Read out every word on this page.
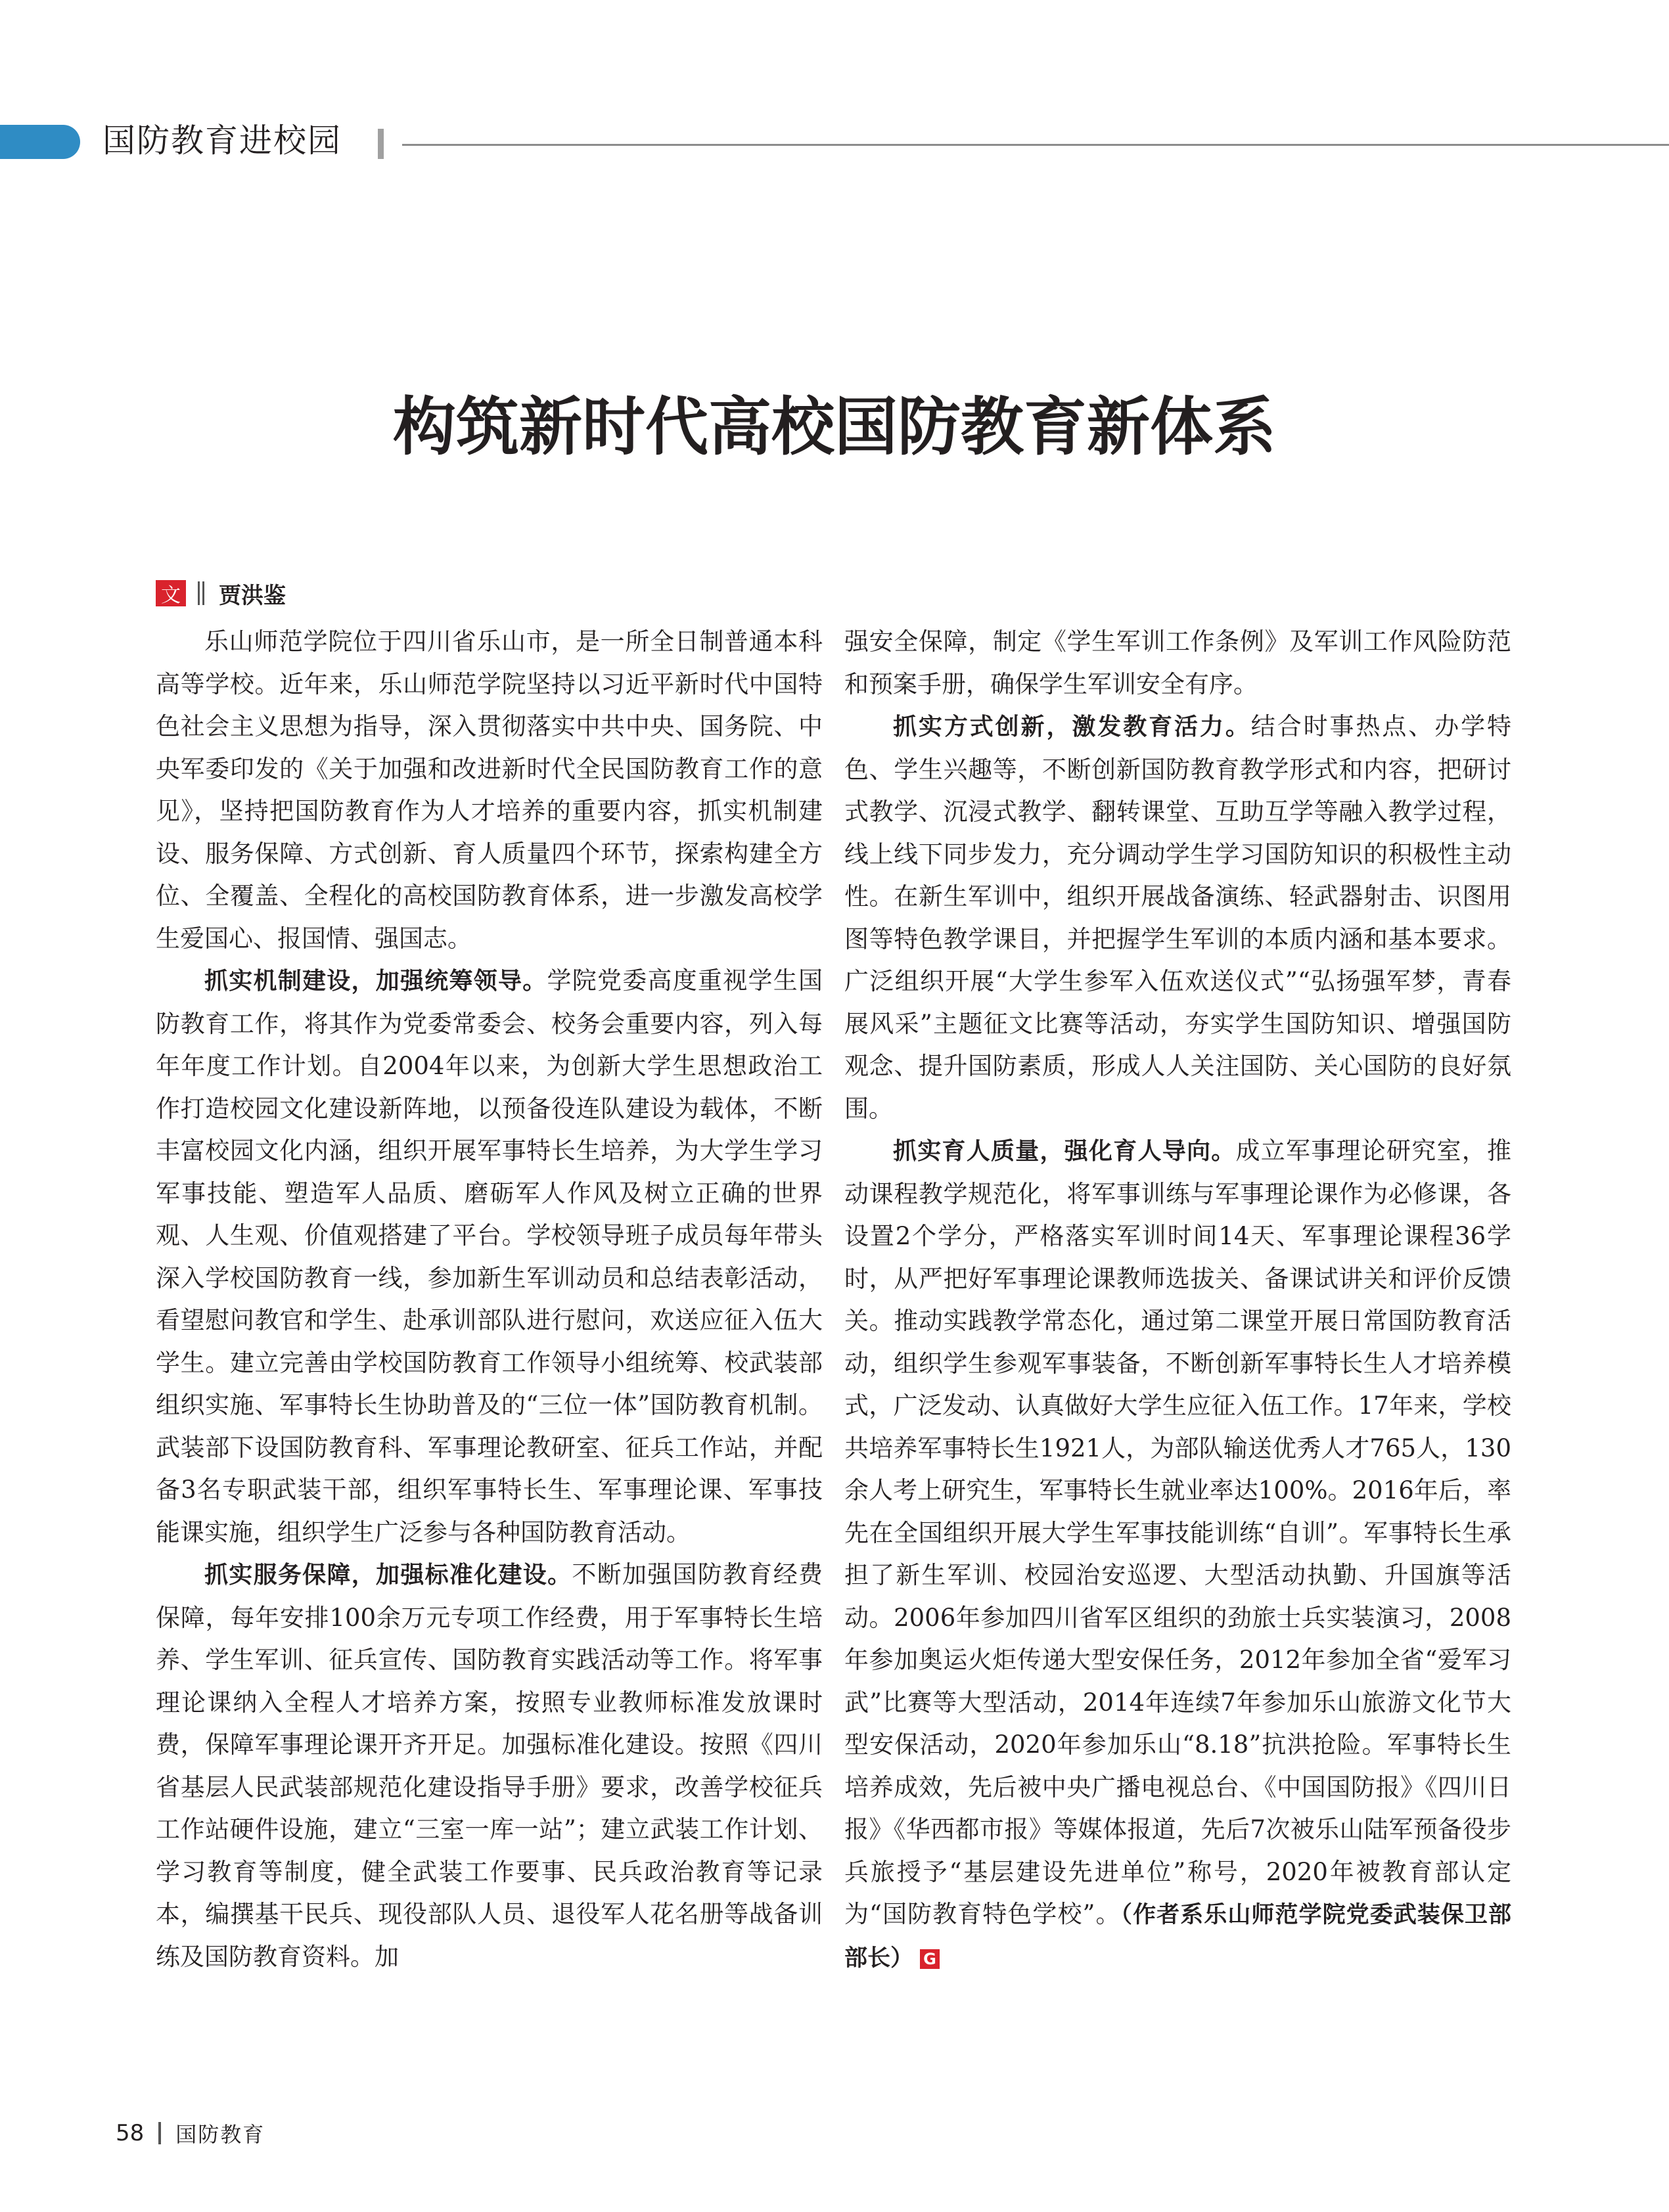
国防教育进校园
构筑新时代高校国防教育新体系
文 贾洪鉴

乐山师范学院位于四川省乐山市，是一所全日制普通本科高等学校。近年来，乐山师范学院坚持以习近平新时代中国特色社会主义思想为指导，深入贯彻落实中共中央、国务院、中央军委印发的《关于加强和改进新时代全民国防教育工作的意见》，坚持把国防教育作为人才培养的重要内容，抓实机制建设、服务保障、方式创新、育人质量四个环节，探索构建全方位、全覆盖、全程化的高校国防教育体系，进一步激发高校学生爱国心、报国情、强国志。

抓实机制建设，加强统筹领导。学院党委高度重视学生国防教育工作，将其作为党委常委会、校务会重要内容，列入每年年度工作计划。自2004年以来，为创新大学生思想政治工作打造校园文化建设新阵地，以预备役连队建设为载体，不断丰富校园文化内涵，组织开展军事特长生培养，为大学生学习军事技能、塑造军人品质、磨砺军人作风及树立正确的世界观、人生观、价值观搭建了平台。学校领导班子成员每年带头深入学校国防教育一线，参加新生军训动员和总结表彰活动，看望慰问教官和学生、赴承训部队进行慰问，欢送应征入伍大学生。建立完善由学校国防教育工作领导小组统筹、校武装部组织实施、军事特长生协助普及的“三位一体”国防教育机制。武装部下设国防教育科、军事理论教研室、征兵工作站，并配备3名专职武装干部，组织军事特长生、军事理论课、军事技能课实施，组织学生广泛参与各种国防教育活动。

抓实服务保障，加强标准化建设。不断加强国防教育经费保障，每年安排100余万元专项工作经费，用于军事特长生培养、学生军训、征兵宣传、国防教育实践活动等工作。将军事理论课纳入全程人才培养方案，按照专业教师标准发放课时费，保障军事理论课开齐开足。加强标准化建设。按照《四川省基层人民武装部规范化建设指导手册》要求，改善学校征兵工作站硬件设施，建立“三室一库一站”；建立武装工作计划、学习教育等制度，健全武装工作要事、民兵政治教育等记录本，编撰基干民兵、现役部队人员、退役军人花名册等战备训练及国防教育资料。加

强安全保障，制定《学生军训工作条例》及军训工作风险防范和预案手册，确保学生军训安全有序。

抓实方式创新，激发教育活力。结合时事热点、办学特色、学生兴趣等，不断创新国防教育教学形式和内容，把研讨式教学、沉浸式教学、翻转课堂、互助互学等融入教学过程，线上线下同步发力，充分调动学生学习国防知识的积极性主动性。在新生军训中，组织开展战备演练、轻武器射击、识图用图等特色教学课目，并把握学生军训的本质内涵和基本要求。广泛组织开展“大学生参军入伍欢送仪式”“弘扬强军梦，青春展风采”主题征文比赛等活动，夯实学生国防知识、增强国防观念、提升国防素质，形成人人关注国防、关心国防的良好氛围。

抓实育人质量，强化育人导向。成立军事理论研究室，推动课程教学规范化，将军事训练与军事理论课作为必修课，各设置2个学分，严格落实军训时间14天、军事理论课程36学时，从严把好军事理论课教师选拔关、备课试讲关和评价反馈关。推动实践教学常态化，通过第二课堂开展日常国防教育活动，组织学生参观军事装备，不断创新军事特长生人才培养模式，广泛发动、认真做好大学生应征入伍工作。17年来，学校共培养军事特长生1921人，为部队输送优秀人才765人，130余人考上研究生，军事特长生就业率达100%。2016年后，率先在全国组织开展大学生军事技能训练“自训”。军事特长生承担了新生军训、校园治安巡逻、大型活动执勤、升国旗等活动。2006年参加四川省军区组织的劲旅士兵实装演习，2008年参加奥运火炬传递大型安保任务，2012年参加全省“爱军习武”比赛等大型活动，2014年连续7年参加乐山旅游文化节大型安保活动，2020年参加乐山“8.18”抗洪抢险。军事特长生培养成效，先后被中央广播电视总台、《中国国防报》《四川日报》《华西都市报》等媒体报道，先后7次被乐山陆军预备役步兵旅授予“基层建设先进单位”称号，2020年被教育部认定为“国防教育特色学校”。（作者系乐山师范学院党委武装保卫部部长） G

58 国防教育
